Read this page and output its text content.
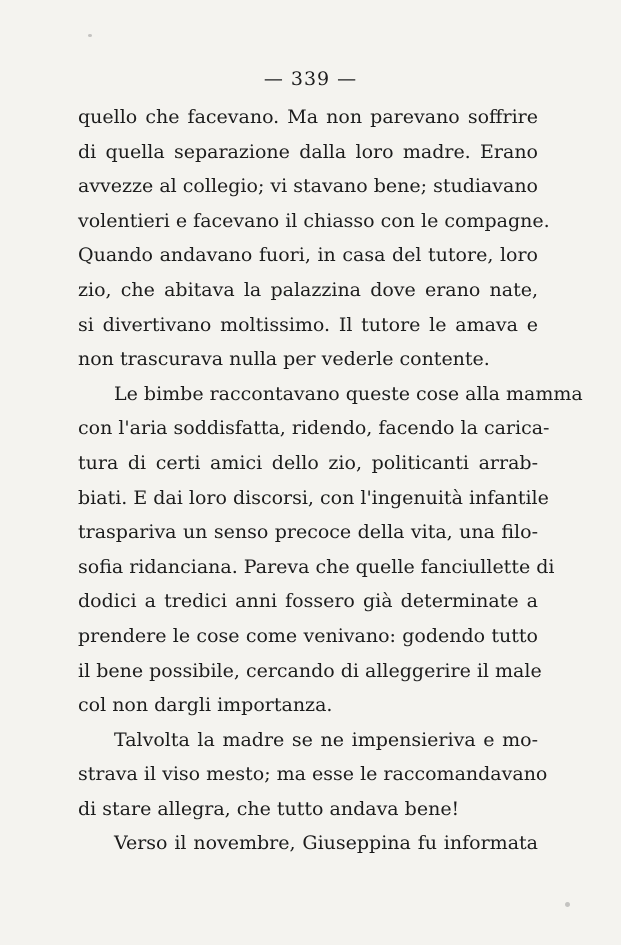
— 339 —
quello che facevano. Ma non parevano soffrire
di quella separazione dalla loro madre. Erano
avvezze al collegio; vi stavano bene; studiavano
volentieri e facevano il chiasso con le compagne.
Quando andavano fuori, in casa del tutore, loro
zio, che abitava la palazzina dove erano nate,
si divertivano moltissimo. Il tutore le amava e
non trascurava nulla per vederle contente.
Le bimbe raccontavano queste cose alla mamma
con l'aria soddisfatta, ridendo, facendo la carica-
tura di certi amici dello zio, politicanti arrab-
biati. E dai loro discorsi, con l'ingenuità infantile
traspariva un senso precoce della vita, una filo-
sofia ridanciana. Pareva che quelle fanciullette di
dodici a tredici anni fossero già determinate a
prendere le cose come venivano: godendo tutto
il bene possibile, cercando di alleggerire il male
col non dargli importanza.
Talvolta la madre se ne impensieriva e mo-
strava il viso mesto; ma esse le raccomandavano
di stare allegra, che tutto andava bene!
Verso il novembre, Giuseppina fu informata
